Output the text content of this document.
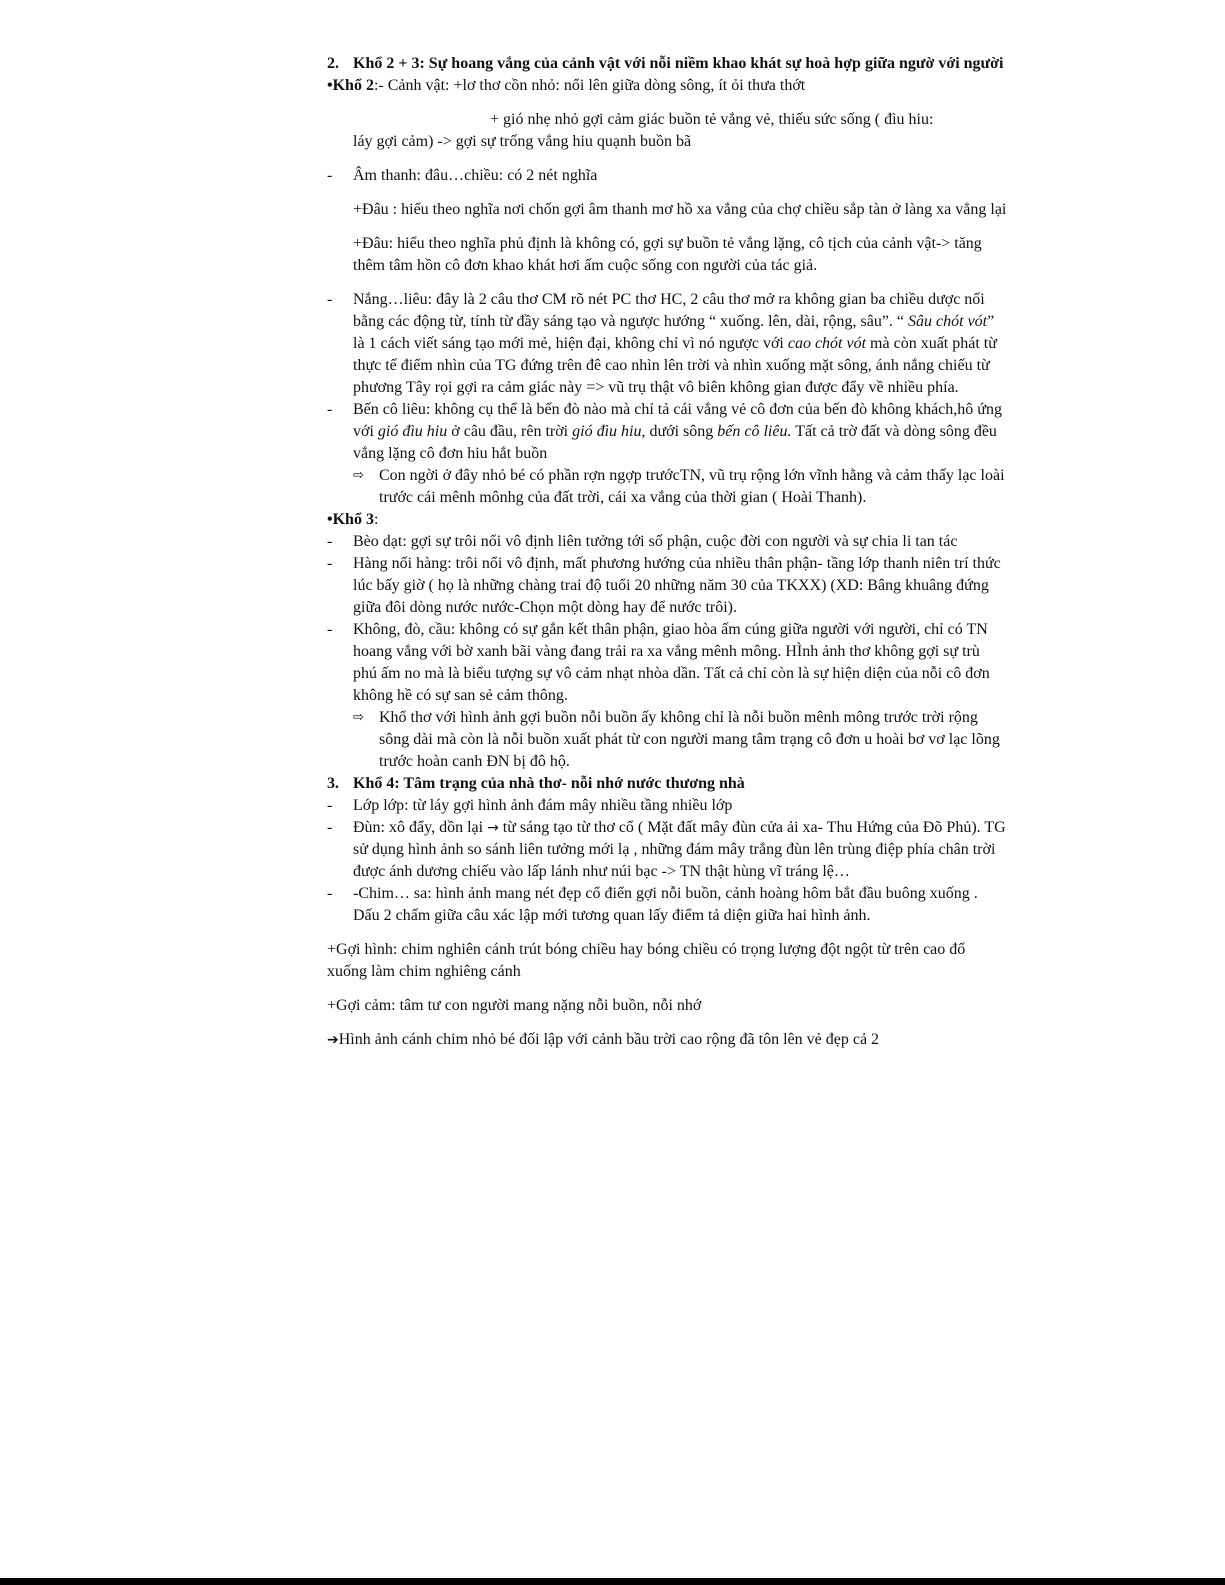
2. Khổ 2 + 3: Sự hoang vắng của cảnh vật với nỗi niềm khao khát sự hoà hợp giữa ngườ với người

•Khổ 2:- Cảnh vật: +lơ thơ cồn nhỏ: nổi lên giữa dòng sông, ít ỏi thưa thớt

+ gió nhẹ nhỏ gợi cảm giác buồn tẻ vắng vẻ, thiếu sức sống ( đìu hiu:

láy gợi cảm) -> gợi sự trống vắng hiu quạnh buồn bã

- Âm thanh: đâu…chiều: có 2 nét nghĩa

+Đâu : hiểu theo nghĩa nơi chốn gợi âm thanh mơ hồ xa vắng của chợ chiều sắp tàn ở làng xa vẳng lại

+Đâu: hiểu theo nghĩa phủ định là không có, gợi sự buồn tẻ vắng lặng, cô tịch của cảnh vật-> tăng thêm tâm hồn cô đơn khao khát hơi ấm cuộc sống con người của tác giả.

- Nắng…liêu: đây là 2 câu thơ CM rõ nét PC thơ HC, 2 câu thơ mở ra không gian ba chiều dược nối bằng các động từ, tính từ đầy sáng tạo và ngược hướng “ xuống. lên, dài, rộng, sâu”. “ Sâu chót vót” là 1 cách viết sáng tạo mới mẻ, hiện đại, không chỉ vì nó ngược với cao chót vót mà còn xuất phát từ thực tế điểm nhìn của TG đứng trên đê cao nhìn lên trời và nhìn xuống mặt sông, ánh nắng chiếu từ phương Tây rọi gợi ra cảm giác này => vũ trụ thật vô biên không gian được đẩy về nhiều phía.

- Bến cô liêu: không cụ thể là bến đò nào mà chỉ tả cái vắng vẻ cô đơn của bến đò không khách,hô ứng với gió đìu hiu ở câu đầu, rên trời gió đìu hiu, dưới sông bến cô liêu. Tất cả trờ đất và dòng sông đều vắng lặng cô đơn hiu hắt buồn

⇨ Con ngời ở đây nhỏ bé có phần rợn ngợp trướcTN, vũ trụ rộng lớn vĩnh hằng và cảm thấy lạc loài trước cái mênh mônhg của đất trời, cái xa vắng của thời gian ( Hoài Thanh).

•Khổ 3:

- Bèo dạt: gợi sự trôi nổi vô định liên tưởng tới số phận, cuộc đời con người và sự chia li tan tác

- Hàng nối hàng: trôi nổi vô định, mất phương hướng của nhiều thân phận- tầng lớp thanh niên trí thức lúc bấy giờ ( họ là những chàng trai độ tuổi 20 những năm 30 của TKXX) (XD: Bâng khuâng đứng giữa đôi dòng nước nước-Chọn một dòng hay để nước trôi).

- Không, đò, cầu: không có sự gắn kết thân phận, giao hòa ấm cúng giữa người với người, chỉ có TN hoang vắng với bờ xanh bãi vàng đang trải ra xa vắng mênh mông. HÌnh ảnh thơ không gợi sự trù phú ấm no mà là biểu tượng sự vô cảm nhạt nhòa dần. Tất cả chỉ còn là sự hiện diện của nỗi cô đơn không hề có sự san sẻ cảm thông.

⇨ Khổ thơ với hình ảnh gợi buồn nỗi buồn ấy không chỉ là nỗi buồn mênh mông trước trời rộng sông dài mà còn là nỗi buồn xuất phát từ con người mang tâm trạng cô đơn u hoài bơ vơ lạc lõng trước hoàn canh ĐN bị đô hộ.

3. Khổ 4: Tâm trạng của nhà thơ- nỗi nhớ nước thương nhà

- Lớp lớp: từ láy gợi hình ảnh đám mây nhiều tầng nhiều lớp

- Đùn: xô đẩy, dồn lại → từ sáng tạo từ thơ cổ ( Mặt đất mây đùn cửa ải xa- Thu Hứng của Đõ Phủ). TG sử dụng hình ảnh so sánh liên tưởng mới lạ , những đám mây trắng đùn lên trùng điệp phía chân trời được ánh dương chiếu vào lấp lánh như núi bạc -> TN thật hùng vĩ tráng lệ…

- -Chim… sa: hình ảnh mang nét đẹp cổ điển gợi nỗi buồn, cảnh hoàng hôm bắt đầu buông xuống . Dấu 2 chấm giữa câu xác lập mới tương quan lấy điểm tả diện giữa hai hình ảnh.

+Gợi hình: chim nghiên cánh trút bóng chiều hay bóng chiều có trọng lượng đột ngột từ trên cao đổ xuống làm chim nghiêng cánh

+Gợi cảm: tâm tư con người mang nặng nỗi buồn, nỗi nhớ

➔Hình ảnh cánh chim nhỏ bé đối lập với cảnh bầu trời cao rộng đã tôn lên vẻ đẹp cả 2
